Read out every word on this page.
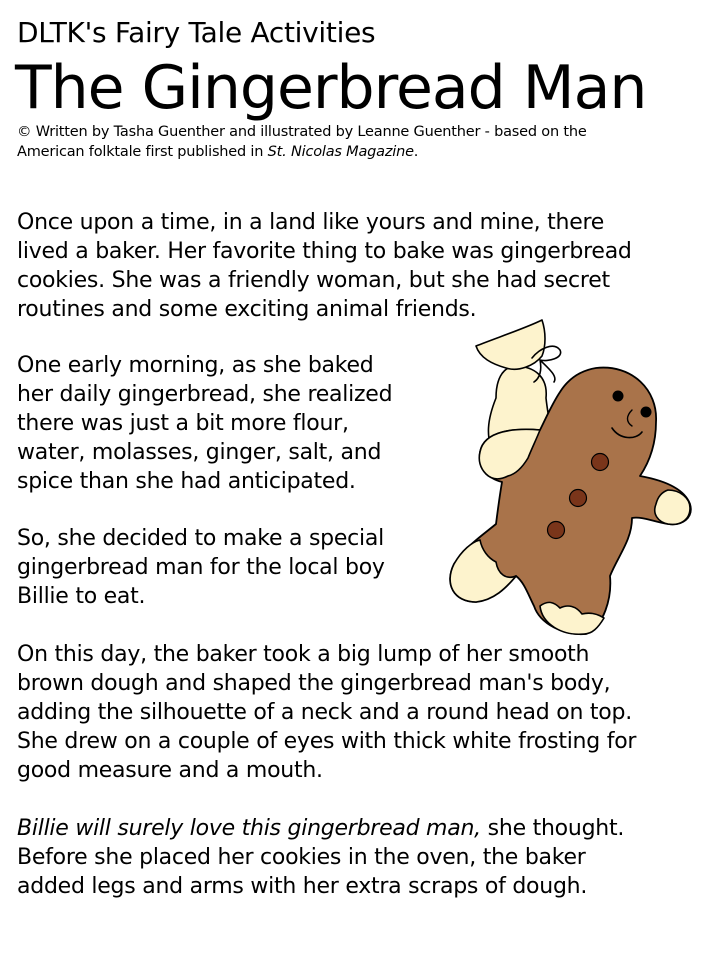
DLTK's Fairy Tale Activities
The Gingerbread Man
© Written by Tasha Guenther and illustrated by Leanne Guenther - based on the
American folktale first published in St. Nicolas Magazine.

Once upon a time, in a land like yours and mine, there
lived a baker. Her favorite thing to bake was gingerbread
cookies. She was a friendly woman, but she had secret
routines and some exciting animal friends.

One early morning, as she baked
her daily gingerbread, she realized
there was just a bit more flour,
water, molasses, ginger, salt, and
spice than she had anticipated.

So, she decided to make a special
gingerbread man for the local boy
Billie to eat.

On this day, the baker took a big lump of her smooth
brown dough and shaped the gingerbread man's body,
adding the silhouette of a neck and a round head on top.
She drew on a couple of eyes with thick white frosting for
good measure and a mouth.

Billie will surely love this gingerbread man, she thought.
Before she placed her cookies in the oven, the baker
added legs and arms with her extra scraps of dough.
